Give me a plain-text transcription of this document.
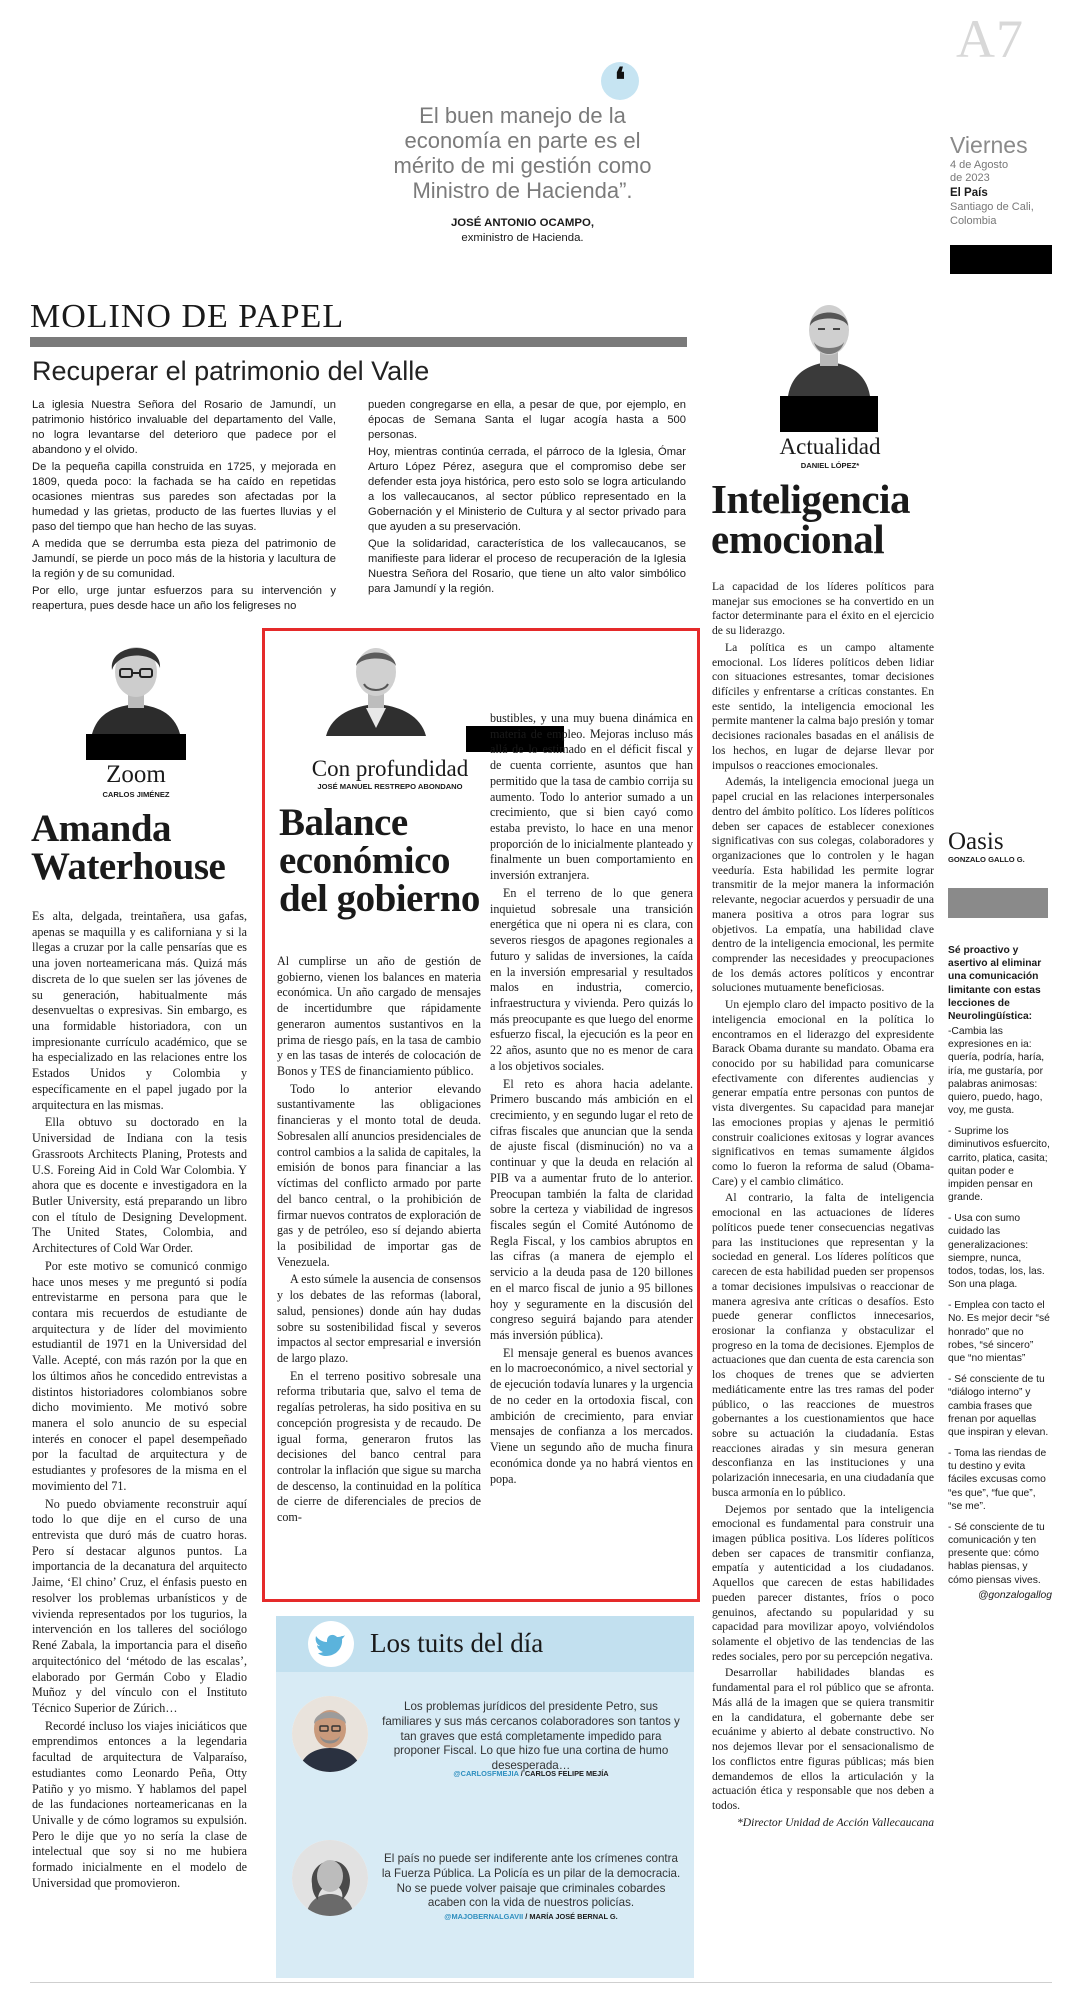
❛
El buen manejo de la
economía en parte es el
mérito de mi gestión como
Ministro de Hacienda”.
JOSÉ ANTONIO OCAMPO,
exministro de Hacienda.
A7
Viernes
4 de Agosto
de 2023
El País
Santiago de Cali,
Colombia
MOLINO DE PAPEL
Recuperar el patrimonio del Valle

La iglesia Nuestra Señora del Rosario de Jamundí, un patrimonio histórico invaluable del departamento del Valle, no logra levantarse del deterioro que padece por el abandono y el olvido.

De la pequeña capilla construida en 1725, y mejorada en 1809, queda poco: la fachada se ha caído en repetidas ocasiones mientras sus paredes son afectadas por la humedad y las grietas, producto de las fuertes lluvias y el paso del tiempo que han hecho de las suyas.

A medida que se derrumba esta pieza del patrimonio de Jamundí, se pierde un poco más de la historia y lacultura de la región y de su comunidad.

Por ello, urge juntar esfuerzos para su intervención y reapertura, pues desde hace un año los feligreses no

pueden congregarse en ella, a pesar de que, por ejemplo, en épocas de Semana Santa el lugar acogía hasta a 500 personas.

Hoy, mientras continúa cerrada, el párroco de la Iglesia, Ómar Arturo López Pérez, asegura que el compromiso debe ser defender esta joya histórica, pero esto solo se logra articulando a los vallecaucanos, al sector público representado en la Gobernación y el Ministerio de Cultura y al sector privado para que ayuden a su preservación.

Que la solidaridad, característica de los vallecaucanos, se manifieste para liderar el proceso de recuperación de la Iglesia Nuestra Señora del Rosario, que tiene un alto valor simbólico para Jamundí y la región.

Actualidad
DANIEL LÓPEZ*
Inteligencia
emocional

La capacidad de los líderes políticos para manejar sus emociones se ha convertido en un factor determinante para el éxito en el ejercicio de su liderazgo.

La política es un campo altamente emocional. Los líderes políticos deben lidiar con situaciones estresantes, tomar decisiones difíciles y enfrentarse a críticas constantes. En este sentido, la inteligencia emocional les permite mantener la calma bajo presión y tomar decisiones racionales basadas en el análisis de los hechos, en lugar de dejarse llevar por impulsos o reacciones emocionales.

Además, la inteligencia emocional juega un papel crucial en las relaciones interpersonales dentro del ámbito político. Los líderes políticos deben ser capaces de establecer conexiones significativas con sus colegas, colaboradores y organizaciones que lo controlen y le hagan veeduría. Esta habilidad les permite lograr transmitir de la mejor manera la información relevante, negociar acuerdos y persuadir de una manera positiva a otros para lograr sus objetivos. La empatía, una habilidad clave dentro de la inteligencia emocional, les permite comprender las necesidades y preocupaciones de los demás actores políticos y encontrar soluciones mutuamente beneficiosas.

Un ejemplo claro del impacto positivo de la inteligencia emocional en la política lo encontramos en el liderazgo del expresidente Barack Obama durante su mandato. Obama era conocido por su habilidad para comunicarse efectivamente con diferentes audiencias y generar empatía entre personas con puntos de vista divergentes. Su capacidad para manejar las emociones propias y ajenas le permitió construir coaliciones exitosas y lograr avances significativos en temas sumamente álgidos como lo fueron la reforma de salud (Obama-Care) y el cambio climático.

Al contrario, la falta de inteligencia emocional en las actuaciones de líderes políticos puede tener consecuencias negativas para las instituciones que representan y la sociedad en general. Los líderes políticos que carecen de esta habilidad pueden ser propensos a tomar decisiones impulsivas o reaccionar de manera agresiva ante críticas o desafíos. Esto puede generar conflictos innecesarios, erosionar la confianza y obstaculizar el progreso en la toma de decisiones. Ejemplos de actuaciones que dan cuenta de esta carencia son los choques de trenes que se advierten mediáticamente entre las tres ramas del poder público, o las reacciones de muestros gobernantes a los cuestionamientos que hace sobre su actuación la ciudadanía. Estas reacciones airadas y sin mesura generan desconfianza en las instituciones y una polarización innecesaria, en una ciudadanía que busca armonía en lo público.

Dejemos por sentado que la inteligencia emocional es fundamental para construir una imagen pública positiva. Los líderes políticos deben ser capaces de transmitir confianza, empatía y autenticidad a los ciudadanos. Aquellos que carecen de estas habilidades pueden parecer distantes, fríos o poco genuinos, afectando su popularidad y su capacidad para movilizar apoyo, volviéndolos solamente el objetivo de las tendencias de las redes sociales, pero por su percepción negativa.

Desarrollar habilidades blandas es fundamental para el rol público que se afronta. Más allá de la imagen que se quiera transmitir en la candidatura, el gobernante debe ser ecuánime y abierto al debate constructivo. No nos dejemos llevar por el sensacionalismo de los conflictos entre figuras públicas; más bien demandemos de ellos la articulación y la actuación ética y responsable que nos deben a todos.

*Director Unidad de Acción Vallecaucana

Oasis
GONZALO GALLO G.
Sé proactivo y asertivo al eliminar una comunicación limitante con estas lecciones de Neurolingüística:
-Cambia las expresiones en ia: quería, podría, haría, iría, me gustaría, por palabras animosas: quiero, puedo, hago, voy, me gusta.
- Suprime los diminutivos esfuercito, carrito, platica, casita; quitan poder e impiden pensar en grande.
- Usa con sumo cuidado las generalizaciones: siempre, nunca, todos, todas, los, las. Son una plaga.
- Emplea con tacto el No. Es mejor decir “sé honrado” que no robes, “sé sincero” que “no mientas”
- Sé consciente de tu “diálogo interno” y cambia frases que frenan por aquellas que inspiran y elevan.
- Toma las riendas de tu destino y evita fáciles excusas como “es que”, “fue que”, “se me”.
- Sé consciente de tu comunicación y ten presente que: cómo hablas piensas, y cómo piensas vives.
@gonzalogallog
Zoom
CARLOS JIMÉNEZ
Amanda
Waterhouse

Es alta, delgada, treintañera, usa gafas, apenas se maquilla y es californiana y si la llegas a cruzar por la calle pensarías que es una joven norteamericana más. Quizá más discreta de lo que suelen ser las jóvenes de su generación, habitualmente más desenvueltas o expresivas. Sin embargo, es una formidable historiadora, con un impresionante currículo académico, que se ha especializado en las relaciones entre los Estados Unidos y Colombia y específicamente en el papel jugado por la arquitectura en las mismas.

Ella obtuvo su doctorado en la Universidad de Indiana con la tesis Grassroots Architects Planing, Protests and U.S. Foreing Aid in Cold War Colombia. Y ahora que es docente e investigadora en la Butler University, está preparando un libro con el título de Designing Development. The United States, Colombia, and Architectures of Cold War Order.

Por este motivo se comunicó conmigo hace unos meses y me preguntó si podía entrevistarme en persona para que le contara mis recuerdos de estudiante de arquitectura y de líder del movimiento estudiantil de 1971 en la Universidad del Valle. Acepté, con más razón por la que en los últimos años he concedido entrevistas a distintos historiadores colombianos sobre dicho movimiento. Me motivó sobre manera el solo anuncio de su especial interés en conocer el papel desempeñado por la facultad de arquitectura y de estudiantes y profesores de la misma en el movimiento del 71.

No puedo obviamente reconstruir aquí todo lo que dije en el curso de una entrevista que duró más de cuatro horas. Pero sí destacar algunos puntos. La importancia de la decanatura del arquitecto Jaime, ‘El chino’ Cruz, el énfasis puesto en resolver los problemas urbanísticos y de vivienda representados por los tugurios, la intervención en los talleres del sociólogo René Zabala, la importancia para el diseño arquitectónico del ‘método de las escalas’, elaborado por Germán Cobo y Eladio Muñoz y del vínculo con el Instituto Técnico Superior de Zúrich…

Recordé incluso los viajes iniciáticos que emprendimos entonces a la legendaria facultad de arquitectura de Valparaíso, estudiantes como Leonardo Peña, Otty Patiño y yo mismo. Y hablamos del papel de las fundaciones norteamericanas en la Univalle y de cómo logramos su expulsión. Pero le dije que yo no sería la clase de intelectual que soy si no me hubiera formado inicialmente en el modelo de Universidad que promovieron.

Con profundidad
JOSÉ MANUEL RESTREPO ABONDANO
Balance
económico
del gobierno

Al cumplirse un año de gestión de gobierno, vienen los balances en materia económica. Un año cargado de mensajes de incertidumbre que rápidamente generaron aumentos sustantivos en la prima de riesgo país, en la tasa de cambio y en las tasas de interés de colocación de Bonos y TES de financiamiento público.

Todo lo anterior elevando sustantivamente las obligaciones financieras y el monto total de deuda. Sobresalen allí anuncios presidenciales de control cambios a la salida de capitales, la emisión de bonos para financiar a las víctimas del conflicto armado por parte del banco central, o la prohibición de firmar nuevos contratos de exploración de gas y de petróleo, eso sí dejando abierta la posibilidad de importar gas de Venezuela.

A esto súmele la ausencia de consensos y los debates de las reformas (laboral, salud, pensiones) donde aún hay dudas sobre su sostenibilidad fiscal y severos impactos al sector empresarial e inversión de largo plazo.

En el terreno positivo sobresale una reforma tributaria que, salvo el tema de regalías petroleras, ha sido positiva en su concepción progresista y de recaudo. De igual forma, generaron frutos las decisiones del banco central para controlar la inflación que sigue su marcha de descenso, la continuidad en la política de cierre de diferenciales de precios de com-

bustibles, y una muy buena dinámica en materia de empleo. Mejoras incluso más allá de lo estimado en el déficit fiscal y de cuenta corriente, asuntos que han permitido que la tasa de cambio corrija su aumento. Todo lo anterior sumado a un crecimiento, que si bien cayó como estaba previsto, lo hace en una menor proporción de lo inicialmente planteado y finalmente un buen comportamiento en inversión extranjera.

En el terreno de lo que genera inquietud sobresale una transición energética que ni opera ni es clara, con severos riesgos de apagones regionales a futuro y salidas de inversiones, la caída en la inversión empresarial y resultados malos en industria, comercio, infraestructura y vivienda. Pero quizás lo más preocupante es que luego del enorme esfuerzo fiscal, la ejecución es la peor en 22 años, asunto que no es menor de cara a los objetivos sociales.

El reto es ahora hacia adelante. Primero buscando más ambición en el crecimiento, y en segundo lugar el reto de cifras fiscales que anuncian que la senda de ajuste fiscal (disminución) no va a continuar y que la deuda en relación al PIB va a aumentar fruto de lo anterior. Preocupan también la falta de claridad sobre la certeza y viabilidad de ingresos fiscales según el Comité Autónomo de Regla Fiscal, y los cambios abruptos en las cifras (a manera de ejemplo el servicio a la deuda pasa de 120 billones en el marco fiscal de junio a 95 billones hoy y seguramente en la discusión del congreso seguirá bajando para atender más inversión pública).

El mensaje general es buenos avances en lo macroeconómico, a nivel sectorial y de ejecución todavía lunares y la urgencia de no ceder en la ortodoxia fiscal, con ambición de crecimiento, para enviar mensajes de confianza a los mercados. Viene un segundo año de mucha finura económica donde ya no habrá vientos en popa.

Los tuits del día
Los problemas jurídicos del presidente Petro, sus familiares y sus más cercanos colaboradores son tantos y tan graves que está completamente impedido para proponer Fiscal. Lo que hizo fue una cortina de humo desesperada…
@CARLOSFMEJIA / CARLOS FELIPE MEJÍA
El país no puede ser indiferente ante los crímenes contra la Fuerza Pública. La Policía es un pilar de la democracia. No se puede volver paisaje que criminales cobardes acaben con la vida de nuestros policías.
@MAJOBERNALGAVII / MARÍA JOSÉ BERNAL G.
